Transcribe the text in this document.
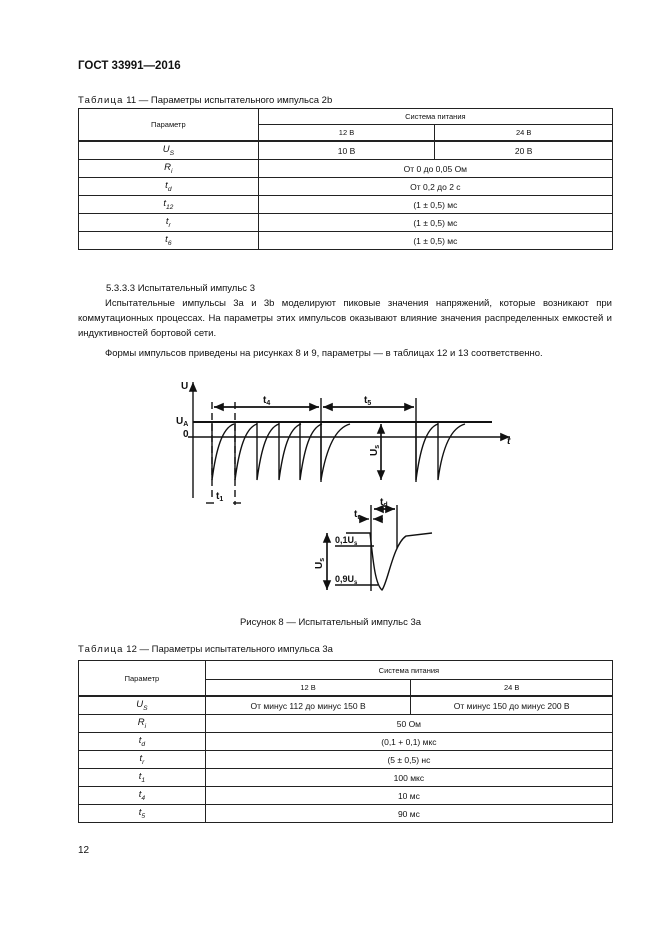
ГОСТ 33991—2016
Таблица 11 — Параметры испытательного импульса 2b
Параметр	Система питания	
	12 В	24 В
$U_S$	10 В	20 В
$R_i$	От 0 до 0,05 Ом	
$t_d$	От 0,2 до 2 с	
$t_{12}$	(1 ± 0,5) мс	
$t_r$	(1 ± 0,5) мс	
$t_6$	(1 ± 0,5) мс	
5.3.3.3 Испытательный импульс 3
Испытательные импульсы 3а и 3b моделируют пиковые значения напряжений, которые возникают при коммутационных процессах. На параметры этих импульсов оказывают влияние значения распределенных емкостей и индуктивностей бортовой сети.
Формы импульсов приведены на рисунках 8 и 9, параметры — в таблицах 12 и 13 соответственно.
U
$U_A$
0
t
$t_4$	$t_5$
$t_1$
$t_r$
$t_d$
$0,1U_s$
$0,9U_s$
$U_s$
$U_s$
Рисунок 8 — Испытательный импульс 3а
Таблица 12 — Параметры испытательного импульса 3а
Параметр	Система питания	
	12 В	24 В
$U_S$	От минус 112 до минус 150 В	От минус 150 до минус 200 В
$R_i$	50 Ом	
$t_d$	(0,1 + 0,1) мкс	
$t_r$	(5 ± 0,5) нс	
$t_1$	100 мкс	
$t_4$	10 мс	
$t_5$	90 мс	
12
